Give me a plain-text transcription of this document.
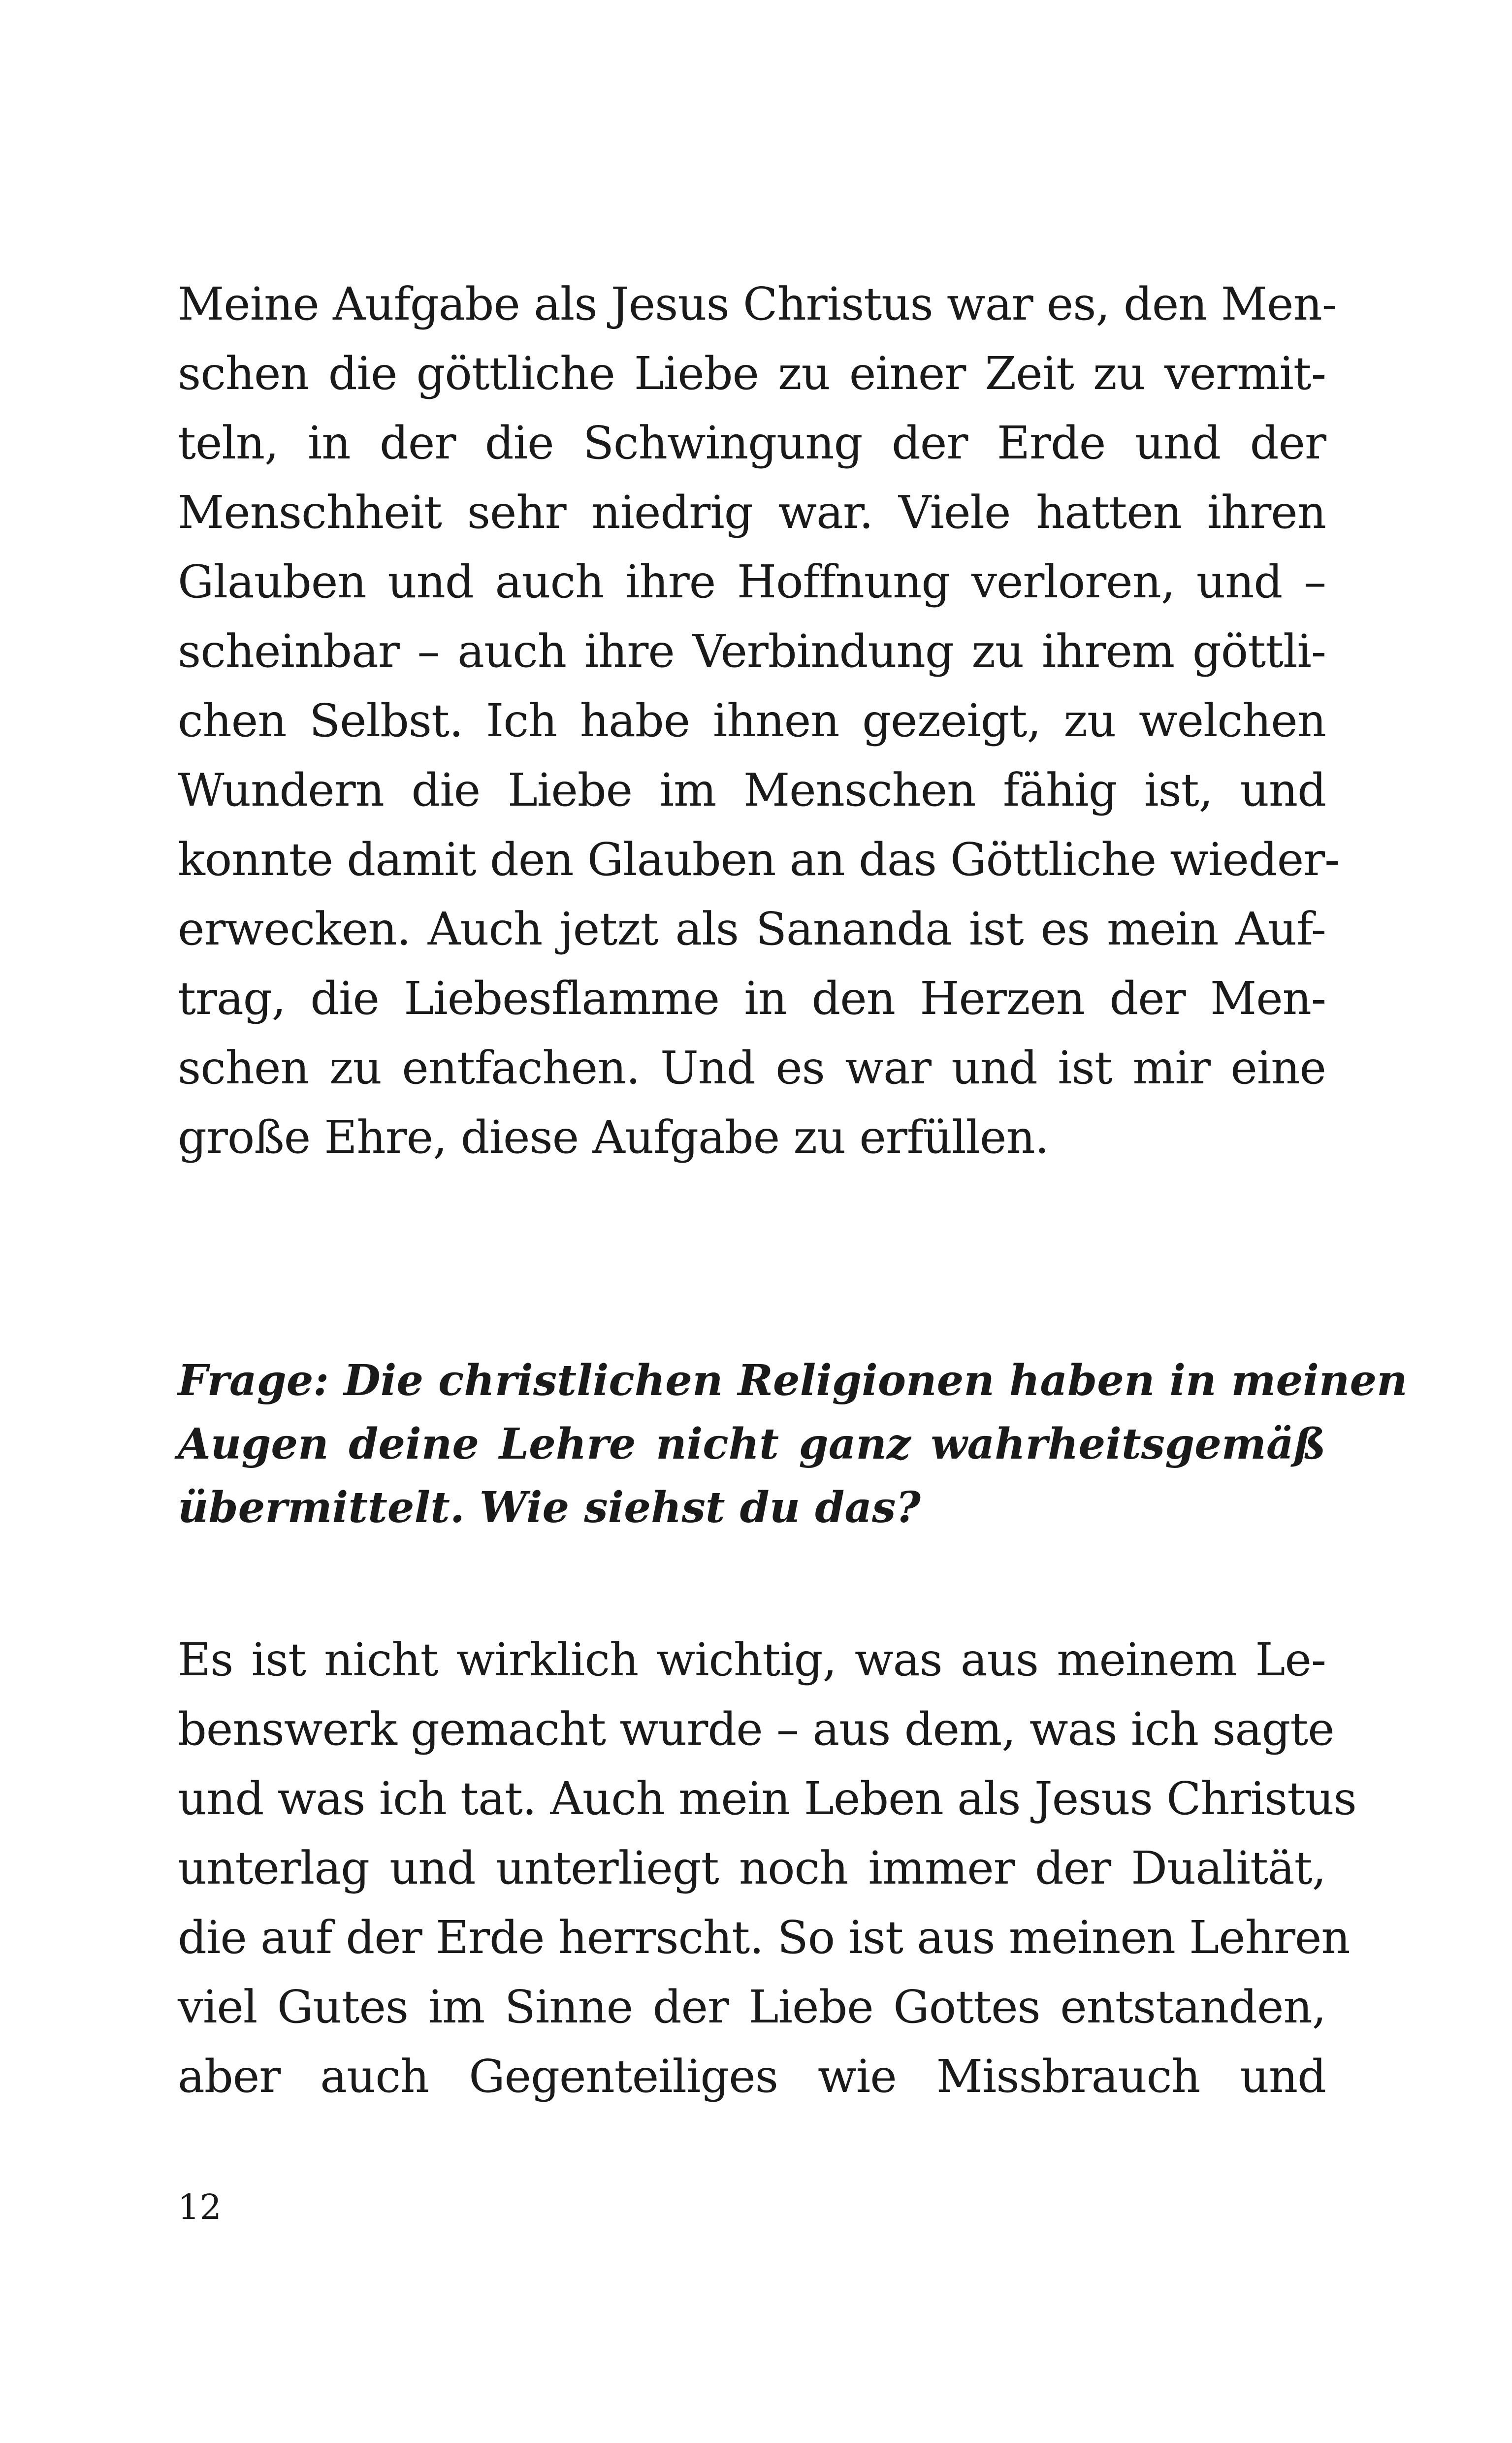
Meine Aufgabe als Jesus Christus war es, den Men-
schen die göttliche Liebe zu einer Zeit zu vermit-
teln, in der die Schwingung der Erde und der
Menschheit sehr niedrig war. Viele hatten ihren
Glauben und auch ihre Hoffnung verloren, und –
scheinbar – auch ihre Verbindung zu ihrem göttli-
chen Selbst. Ich habe ihnen gezeigt, zu welchen
Wundern die Liebe im Menschen fähig ist, und
konnte damit den Glauben an das Göttliche wieder-
erwecken. Auch jetzt als Sananda ist es mein Auf-
trag, die Liebesflamme in den Herzen der Men-
schen zu entfachen. Und es war und ist mir eine
große Ehre, diese Aufgabe zu erfüllen.
Frage: Die christlichen Religionen haben in meinen
Augen deine Lehre nicht ganz wahrheitsgemäß
übermittelt. Wie siehst du das?
Es ist nicht wirklich wichtig, was aus meinem Le-
benswerk gemacht wurde – aus dem, was ich sagte
und was ich tat. Auch mein Leben als Jesus Christus
unterlag und unterliegt noch immer der Dualität,
die auf der Erde herrscht. So ist aus meinen Lehren
viel Gutes im Sinne der Liebe Gottes entstanden,
aber auch Gegenteiliges wie Missbrauch und

12
